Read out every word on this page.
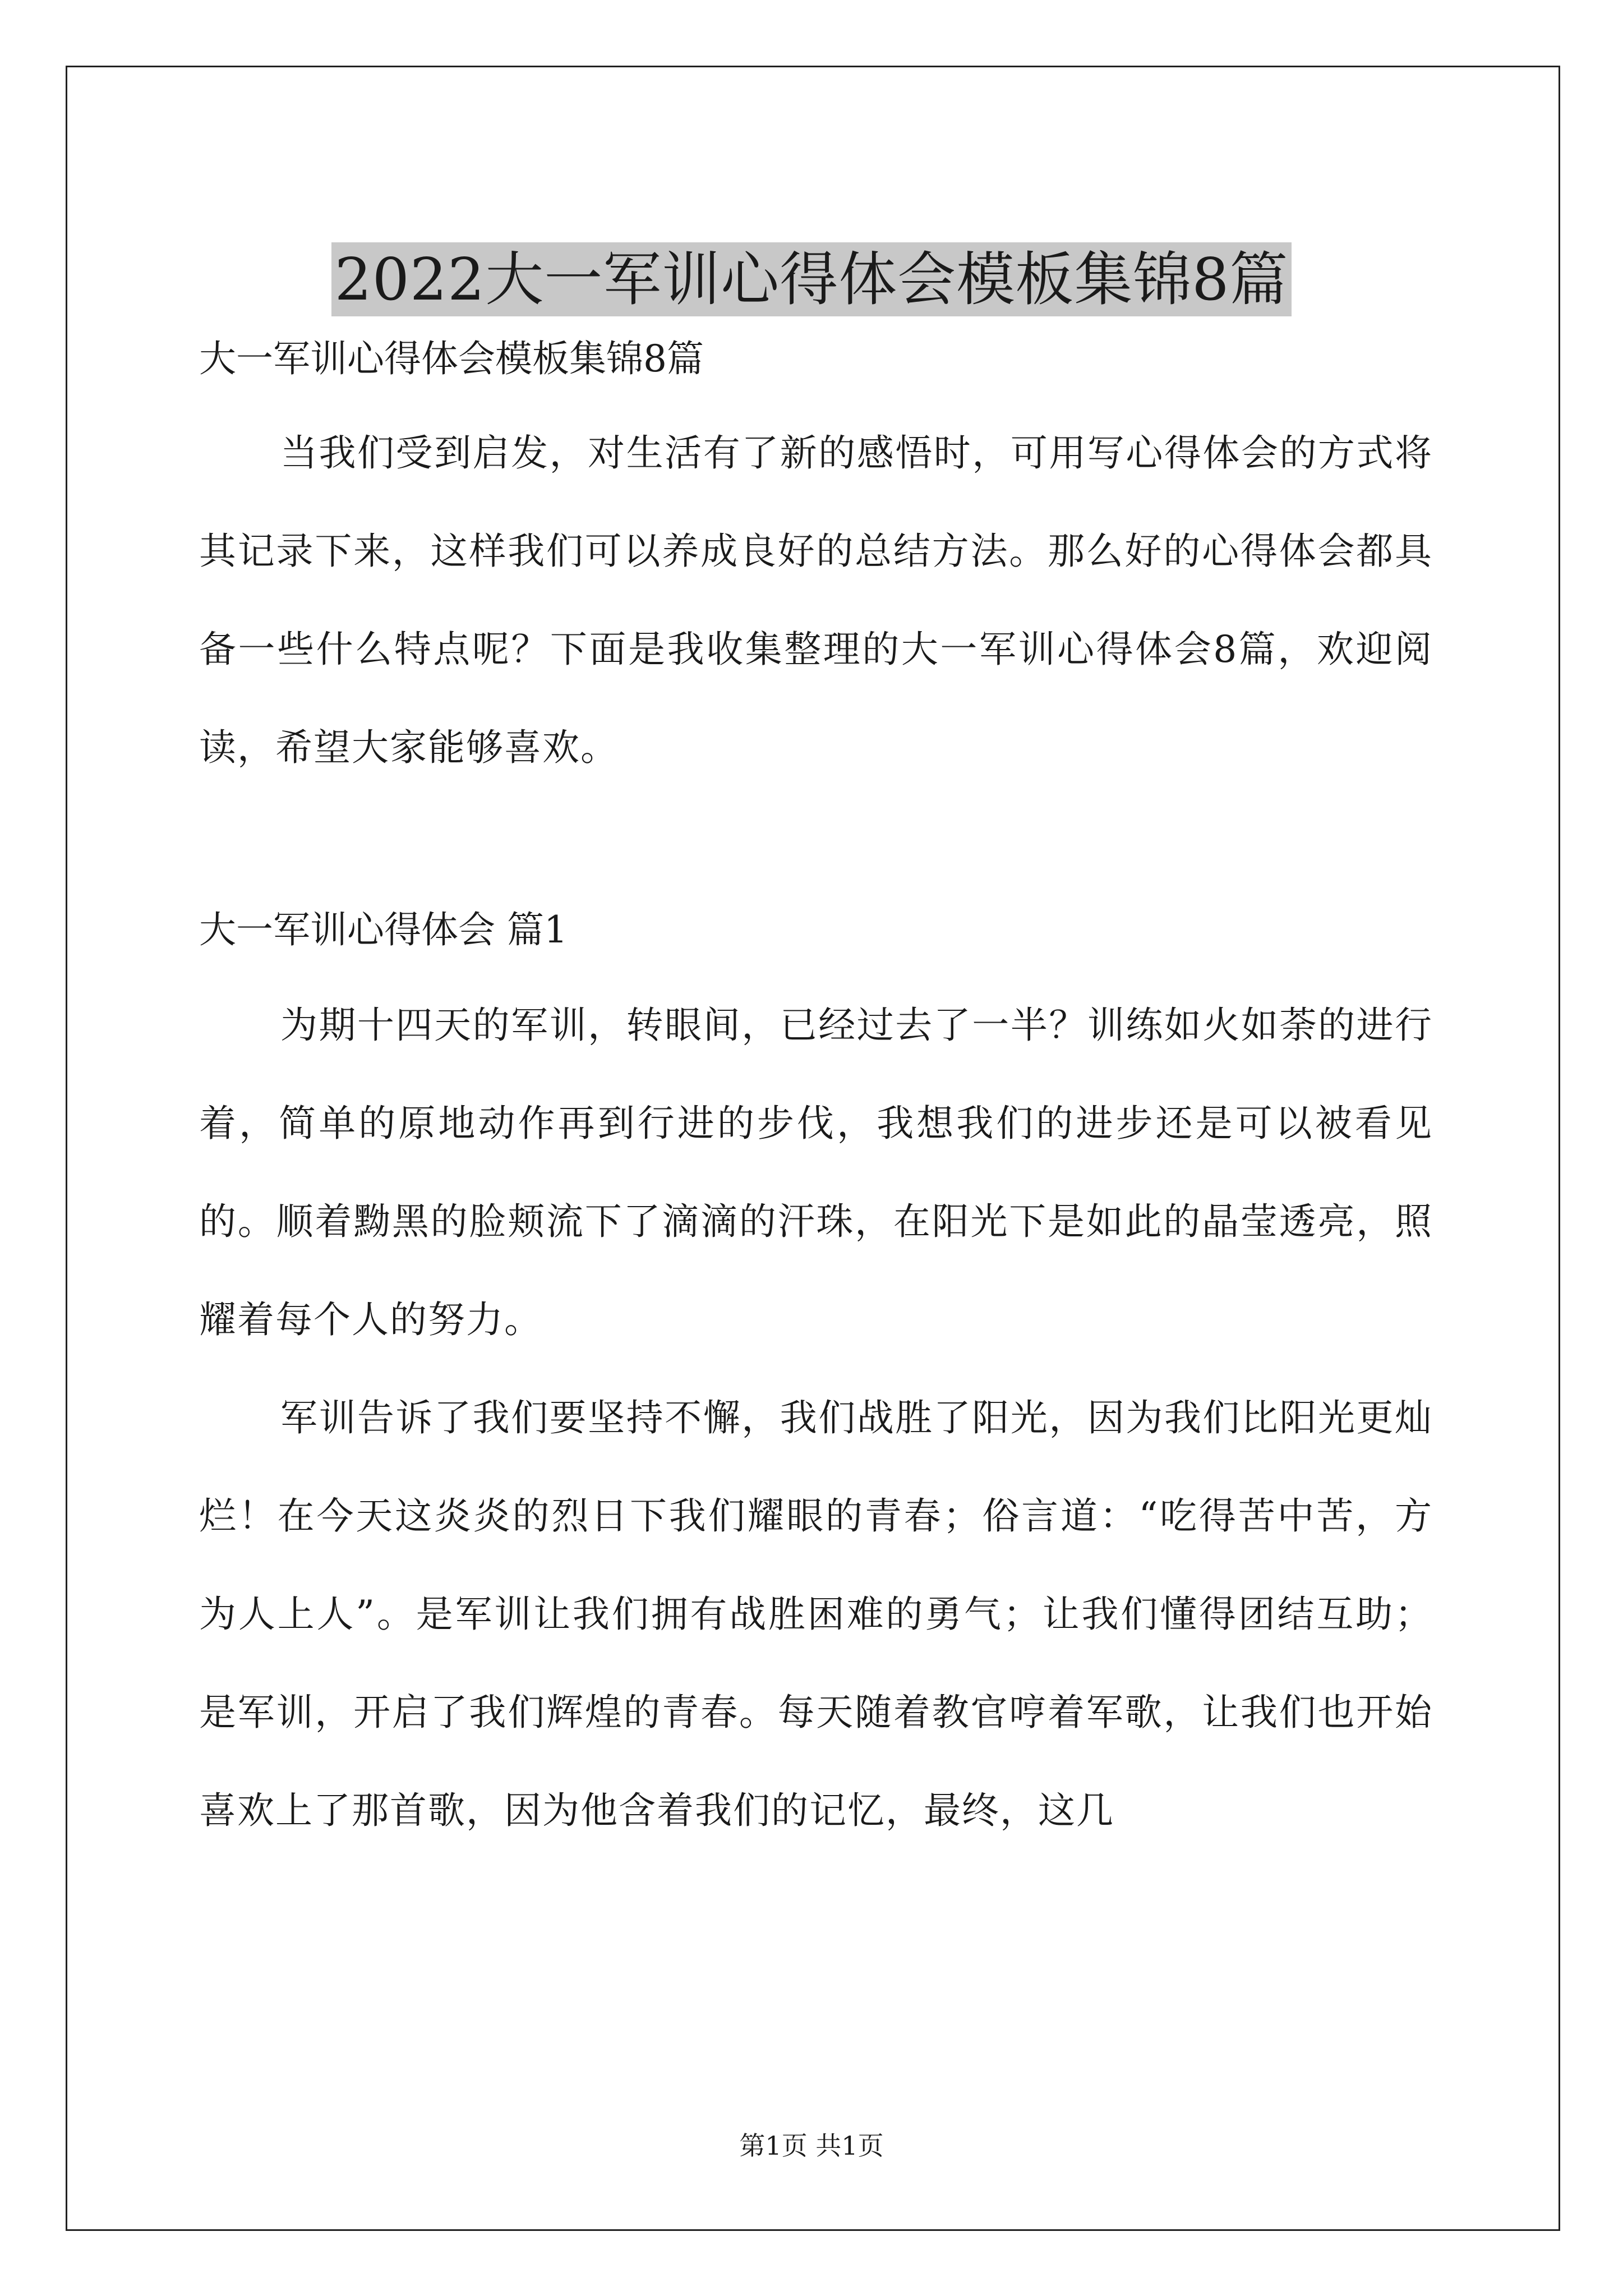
2022大一军训心得体会模板集锦8篇
大一军训心得体会模板集锦8篇

当我们受到启发，对生活有了新的感悟时，可用写心得体会的方式将其记录下来，这样我们可以养成良好的总结方法。那么好的心得体会都具备一些什么特点呢？下面是我收集整理的大一军训心得体会8篇，欢迎阅读，希望大家能够喜欢。

大一军训心得体会 篇1

为期十四天的军训，转眼间，已经过去了一半？训练如火如荼的进行着，简单的原地动作再到行进的步伐，我想我们的进步还是可以被看见的。顺着黝黑的脸颊流下了滴滴的汗珠，在阳光下是如此的晶莹透亮，照耀着每个人的努力。

军训告诉了我们要坚持不懈，我们战胜了阳光，因为我们比阳光更灿烂！在今天这炎炎的烈日下我们耀眼的青春；俗言道：“吃得苦中苦，方为人上人”。是军训让我们拥有战胜困难的勇气；让我们懂得团结互助；是军训，开启了我们辉煌的青春。每天随着教官哼着军歌，让我们也开始喜欢上了那首歌，因为他含着我们的记忆，最终，这几

第1页 共1页
